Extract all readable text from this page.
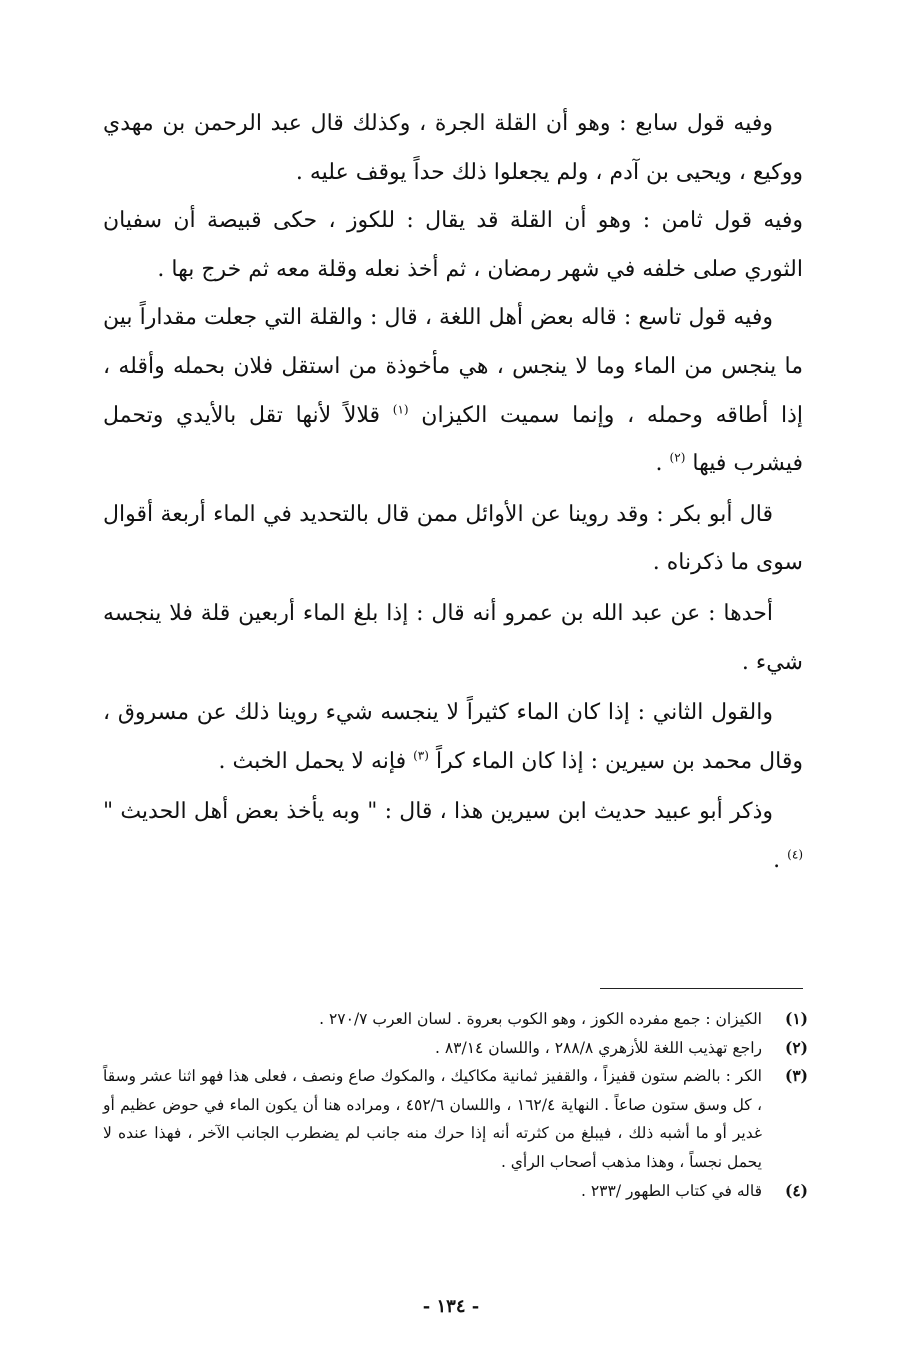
وفيه قول سابع : وهو أن القلة الجرة ، وكذلك قال عبد الرحمن بن مهدي ووكيع ، ويحيى بن آدم ، ولم يجعلوا ذلك حداً يوقف عليه .

وفيه قول ثامن : وهو أن القلة قد يقال : للكوز ، حكى قبيصة أن سفيان الثوري صلى خلفه في شهر رمضان ، ثم أخذ نعله وقلة معه ثم خرج بها .

وفيه قول تاسع : قاله بعض أهل اللغة ، قال : والقلة التي جعلت مقداراً بين ما ينجس من الماء وما لا ينجس ، هي مأخوذة من استقل فلان بحمله وأقله ، إذا أطاقه وحمله ، وإنما سميت الكيزان $^{(١)}$ قلالاً لأنها تقل بالأيدي وتحمل فيشرب فيها $^{(٢)}$ .

قال أبو بكر : وقد روينا عن الأوائل ممن قال بالتحديد في الماء أربعة أقوال سوى ما ذكرناه .

أحدها : عن عبد الله بن عمرو أنه قال : إذا بلغ الماء أربعين قلة فلا ينجسه شيء .

والقول الثاني : إذا كان الماء كثيراً لا ينجسه شيء روينا ذلك عن مسروق ، وقال محمد بن سيرين : إذا كان الماء كراً $^{(٣)}$ فإنه لا يحمل الخبث .

وذكر أبو عبيد حديث ابن سيرين هذا ، قال : " وبه يأخذ بعض أهل الحديث " $^{(٤)}$ .

(١)
الكيزان : جمع مفرده الكوز ، وهو الكوب بعروة . لسان العرب ٢٧٠/٧ .
(٢)
راجع تهذيب اللغة للأزهري ٢٨٨/٨ ، واللسان ٨٣/١٤ .
(٣)
الكر : بالضم ستون قفيزاً ، والقفيز ثمانية مكاكيك ، والمكوك صاع ونصف ، فعلى هذا فهو اثنا عشر وسقاً ، كل وسق ستون صاعاً . النهاية ١٦٢/٤ ، واللسان ٤٥٢/٦ ، ومراده هنا أن يكون الماء في حوض عظيم أو غدير أو ما أشبه ذلك ، فيبلغ من كثرته أنه إذا حرك منه جانب لم يضطرب الجانب الآخر ، فهذا عنده لا يحمل نجساً ، وهذا مذهب أصحاب الرأي .
(٤)
قاله في كتاب الطهور /٢٣٣ .
- ١٣٤ -
